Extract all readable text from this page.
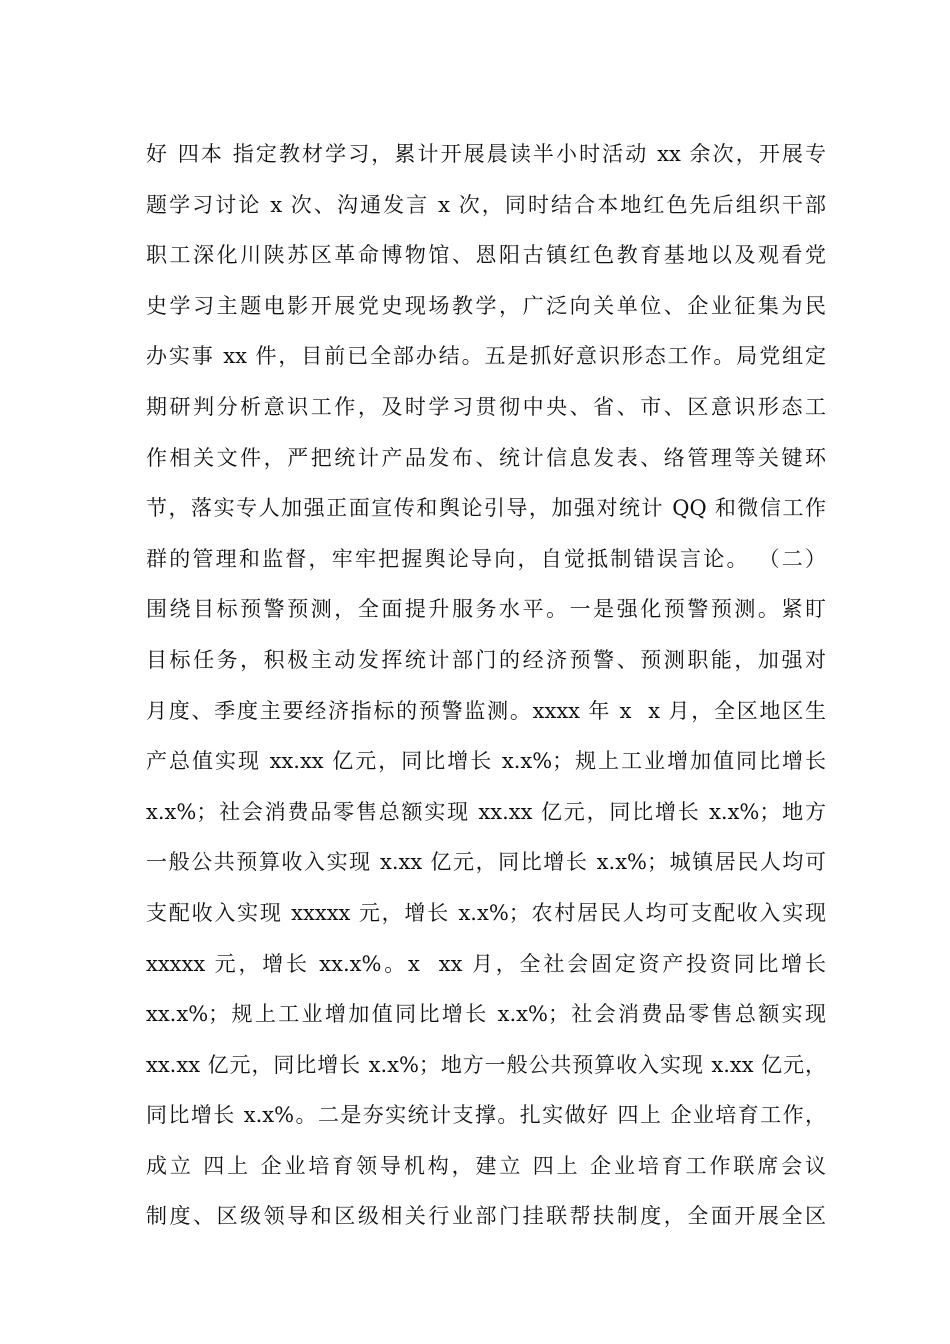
好 四本 指定教材学习，累计开展晨读半小时活动 xx 余次，开展专
题学习讨论 x 次、沟通发言 x 次，同时结合本地红色先后组织干部
职工深化川陕苏区革命博物馆、恩阳古镇红色教育基地以及观看党
史学习主题电影开展党史现场教学，广泛向关单位、企业征集为民
办实事 xx 件，目前已全部办结。五是抓好意识形态工作。局党组定
期研判分析意识工作，及时学习贯彻中央、省、市、区意识形态工
作相关文件，严把统计产品发布、统计信息发表、络管理等关键环
节，落实专人加强正面宣传和舆论引导，加强对统计 QQ 和微信工作
群的管理和监督，牢牢把握舆论导向，自觉抵制错误言论。 （二）
围绕目标预警预测，全面提升服务水平。一是强化预警预测。紧盯
目标任务，积极主动发挥统计部门的经济预警、预测职能，加强对
月度、季度主要经济指标的预警监测。xxxx 年 x  x 月，全区地区生
产总值实现 xx.xx 亿元，同比增长 x.x%；规上工业增加值同比增长
x.x%；社会消费品零售总额实现 xx.xx 亿元，同比增长 x.x%；地方
一般公共预算收入实现 x.xx 亿元，同比增长 x.x%；城镇居民人均可
支配收入实现 xxxxx 元，增长 x.x%；农村居民人均可支配收入实现
xxxxx 元，增长 xx.x%。x  xx 月，全社会固定资产投资同比增长
xx.x%；规上工业增加值同比增长 x.x%；社会消费品零售总额实现
xx.xx 亿元，同比增长 x.x%；地方一般公共预算收入实现 x.xx 亿元，
同比增长 x.x%。二是夯实统计支撑。扎实做好 四上 企业培育工作，
成立 四上 企业培育领导机构，建立 四上 企业培育工作联席会议
制度、区级领导和区级相关行业部门挂联帮扶制度，全面开展全区
